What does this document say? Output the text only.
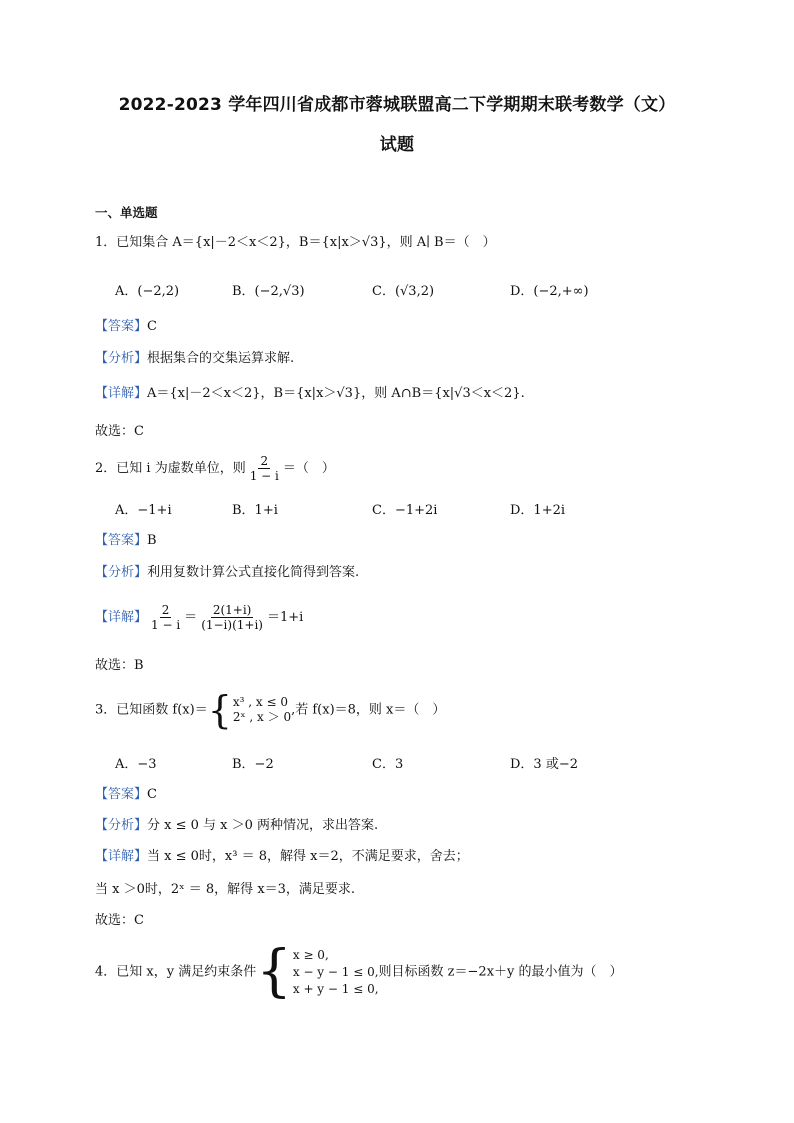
2022-2023 学年四川省成都市蓉城联盟高二下学期期末联考数学（文）
试题
一、单选题
1．已知集合 A＝{x|－2＜x＜2}，B＝{x|x＞√3}，则 A∣ B＝（　）
A．(−2,2)	B．(−2,√3)	C．(√3,2)	D．(−2,+∞)
【答案】C
【分析】根据集合的交集运算求解.
【详解】A＝{x|－2＜x＜2}，B＝{x|x＞√3}，则 A∩B＝{x|√3＜x＜2}.
故选：C
2．已知 i 为虚数单位，则 $\frac{2}{1 - i}$ ＝（　）
A．−1+i	B．1+i	C．−1+2i	D．1+2i
【答案】B
【分析】利用复数计算公式直接化简得到答案.
【详解】 $\frac{2}{1 - i} = \frac{2(1+i)}{(1-i)(1+i)} =1+i$
故选：B
3．已知函数 f(x)＝ { x³ , x ≤ 0
2ˣ , x ＞ 0 ,若 f(x)＝8，则 x＝（　）
A．−3	B．−2	C．3	D．3 或−2
【答案】C
【分析】分 x ≤ 0 与 x ＞0 两种情况，求出答案.
【详解】当 x ≤ 0时，x³ ＝ 8，解得 x＝2，不满足要求，舍去；
当 x ＞0时，2ˣ ＝ 8，解得 x＝3，满足要求.
故选：C
4．已知 x，y 满足约束条件 { x ≥ 0,
x − y − 1 ≤ 0,
x + y − 1 ≤ 0,
则目标函数 z＝−2x＋y 的最小值为（　）
